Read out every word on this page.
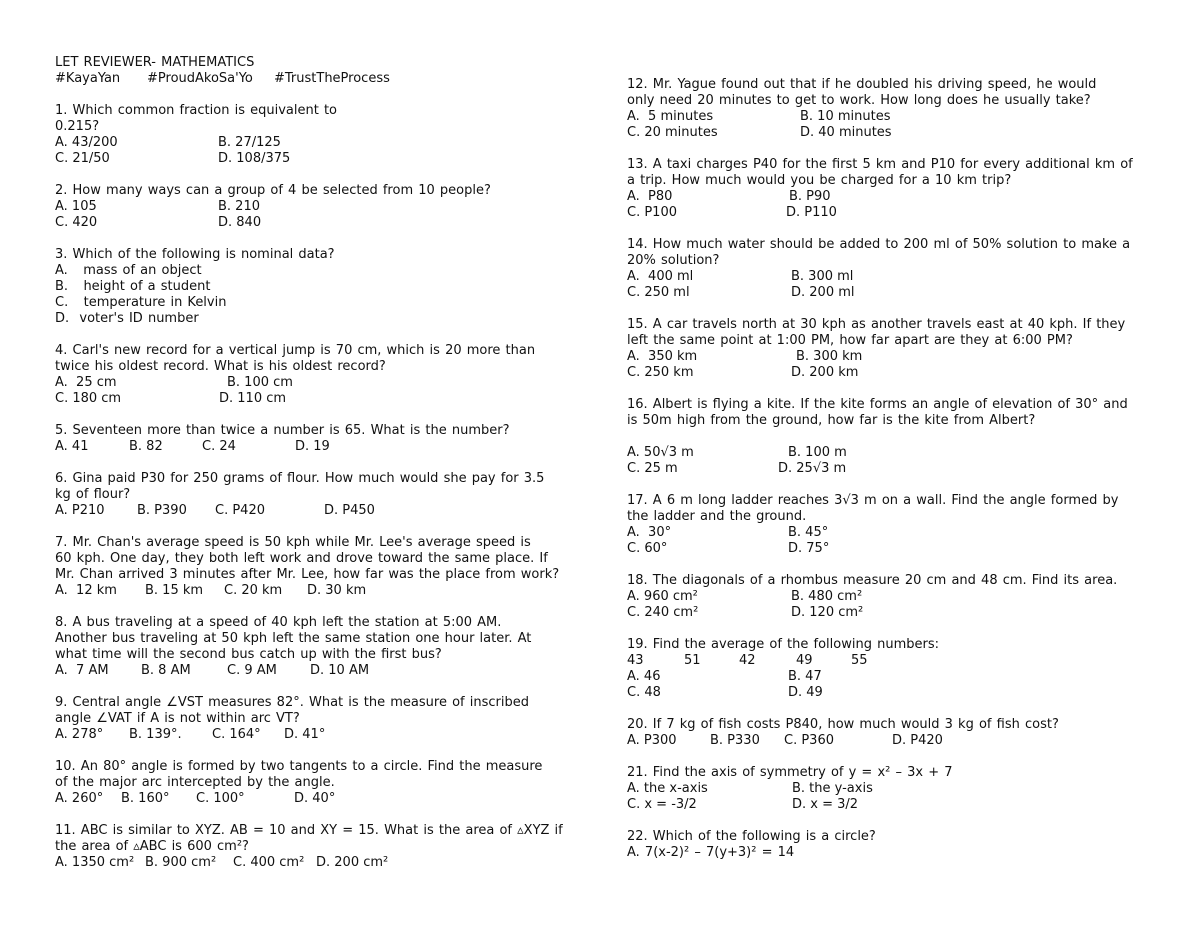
LET REVIEWER- MATHEMATICS
#KayaYan	#ProudAkoSa'Yo	#TrustTheProcess
1. Which common fraction is equivalent to
0.215?
A. 43/200	B. 27/125
C. 21/50	D. 108/375
2. How many ways can a group of 4 be selected from 10 people?
A. 105	B. 210
C. 420	D. 840
3. Which of the following is nominal data?
A.   mass of an object
B.   height of a student
C.   temperature in Kelvin
D.  voter's ID number
4. Carl's new record for a vertical jump is 70 cm, which is 20 more than
twice his oldest record. What is his oldest record?
A.  25 cm	B. 100 cm
C. 180 cm	D. 110 cm
5. Seventeen more than twice a number is 65. What is the number?
A. 41	B. 82	C. 24	D. 19
6. Gina paid P30 for 250 grams of flour. How much would she pay for 3.5
kg of flour?
A. P210	B. P390	C. P420	D. P450
7. Mr. Chan's average speed is 50 kph while Mr. Lee's average speed is
60 kph. One day, they both left work and drove toward the same place. If
Mr. Chan arrived 3 minutes after Mr. Lee, how far was the place from work?
A.  12 km	B. 15 km	C. 20 km	D. 30 km
8. A bus traveling at a speed of 40 kph left the station at 5:00 AM.
Another bus traveling at 50 kph left the same station one hour later. At
what time will the second bus catch up with the first bus?
A.  7 AM	B. 8 AM	C. 9 AM	D. 10 AM
9. Central angle ∠VST measures 82°. What is the measure of inscribed
angle ∠VAT if A is not within arc VT?
A. 278°	B. 139°.	C. 164°	D. 41°
10. An 80° angle is formed by two tangents to a circle. Find the measure
of the major arc intercepted by the angle.
A. 260°	B. 160°	C. 100°	D. 40°
11. ABC is similar to XYZ. AB = 10 and XY = 15. What is the area of ▵XYZ if
the area of ▵ABC is 600 cm²?
A. 1350 cm² B. 900 cm²	C. 400 cm² D. 200 cm²
12. Mr. Yague found out that if he doubled his driving speed, he would
only need 20 minutes to get to work. How long does he usually take?
A.  5 minutes	B. 10 minutes
C. 20 minutes	D. 40 minutes
13. A taxi charges P40 for the first 5 km and P10 for every additional km of
a trip. How much would you be charged for a 10 km trip?
A.  P80	B. P90
C. P100	D. P110
14. How much water should be added to 200 ml of 50% solution to make a
20% solution?
A.  400 ml	B. 300 ml
C. 250 ml	D. 200 ml
15. A car travels north at 30 kph as another travels east at 40 kph. If they
left the same point at 1:00 PM, how far apart are they at 6:00 PM?
A.  350 km	B. 300 km
C. 250 km	D. 200 km
16. Albert is flying a kite. If the kite forms an angle of elevation of 30° and
is 50m high from the ground, how far is the kite from Albert?
A. 50√3 m	B. 100 m
C. 25 m	D. 25√3 m
17. A 6 m long ladder reaches 3√3 m on a wall. Find the angle formed by
the ladder and the ground.
A.  30°	B. 45°
C. 60°	D. 75°
18. The diagonals of a rhombus measure 20 cm and 48 cm. Find its area.
A. 960 cm²	B. 480 cm²
C. 240 cm²	D. 120 cm²
19. Find the average of the following numbers:
43	51	42	49	55
A. 46	B. 47
C. 48	D. 49
20. If 7 kg of fish costs P840, how much would 3 kg of fish cost?
A. P300	B. P330	C. P360	D. P420
21. Find the axis of symmetry of y = x² – 3x + 7
A. the x-axis	B. the y-axis
C. x = -3/2	D. x = 3/2
22. Which of the following is a circle?
A. 7(x-2)² – 7(y+3)² = 14
